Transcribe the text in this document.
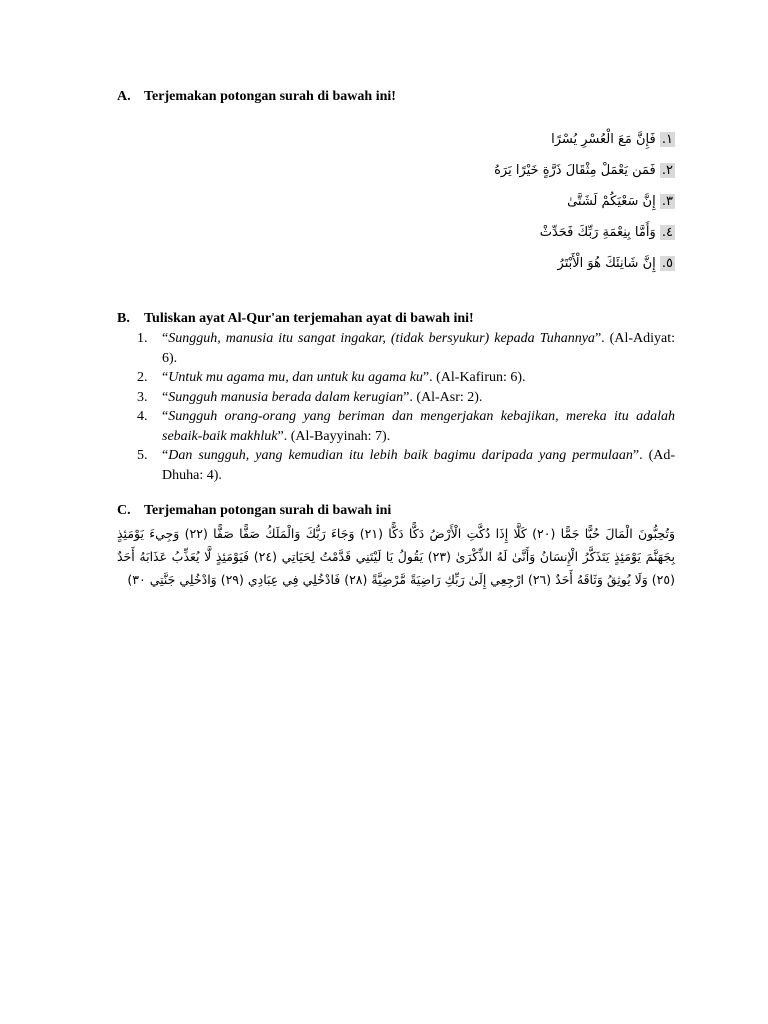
A. Terjemakan potongan surah di bawah ini!
١. فَإِنَّ مَعَ الْعُسْرِ يُسْرًا
٢. فَمَن يَعْمَلْ مِثْقَالَ ذَرَّةٍ خَيْرًا يَرَهُ
٣. إِنَّ سَعْيَكُمْ لَشَتَّىٰ
٤. وَأَمَّا بِنِعْمَةِ رَبِّكَ فَحَدِّثْ
٥. إِنَّ شَانِئَكَ هُوَ الْأَبْتَرُ
B. Tuliskan ayat Al-Qur'an terjemahan ayat di bawah ini!
1. “Sungguh, manusia itu sangat ingakar, (tidak bersyukur) kepada Tuhannya”. (Al-Adiyat: 6).
2. “Untuk mu agama mu, dan untuk ku agama ku”. (Al-Kafirun: 6).
3. “Sungguh manusia berada dalam kerugian”. (Al-Asr: 2).
4. “Sungguh orang-orang yang beriman dan mengerjakan kebajikan, mereka itu adalah sebaik-baik makhluk”. (Al-Bayyinah: 7).
5. “Dan sungguh, yang kemudian itu lebih baik bagimu daripada yang permulaan”. (Ad-Dhuha: 4).
C. Terjemahan potongan surah di bawah ini
وَتُحِبُّونَ الْمَالَ حُبًّا جَمًّا (٢٠) كَلَّا إِذَا دُكَّتِ الْأَرْضُ دَكًّا دَكًّا (٢١) وَجَاءَ رَبُّكَ وَالْمَلَكُ صَفًّا صَفًّا (٢٢) وَجِيءَ يَوْمَئِذٍ بِجَهَنَّمَ يَوْمَئِذٍ يَتَذَكَّرُ الْإِنسَانُ وَأَنَّىٰ لَهُ الذِّكْرَىٰ (٢٣) يَقُولُ يَا لَيْتَنِي قَدَّمْتُ لِحَيَاتِي (٢٤) فَيَوْمَئِذٍ لَّا يُعَذِّبُ عَذَابَهُ أَحَدٌ (٢٥) وَلَا يُوثِقُ وَثَاقَهُ أَحَدٌ (٢٦) ارْجِعِي إِلَىٰ رَبِّكِ رَاضِيَةً مَّرْضِيَّةً (٢٨) فَادْخُلِي فِي عِبَادِي (٢٩) وَادْخُلِي جَنَّتِي ٣٠)
